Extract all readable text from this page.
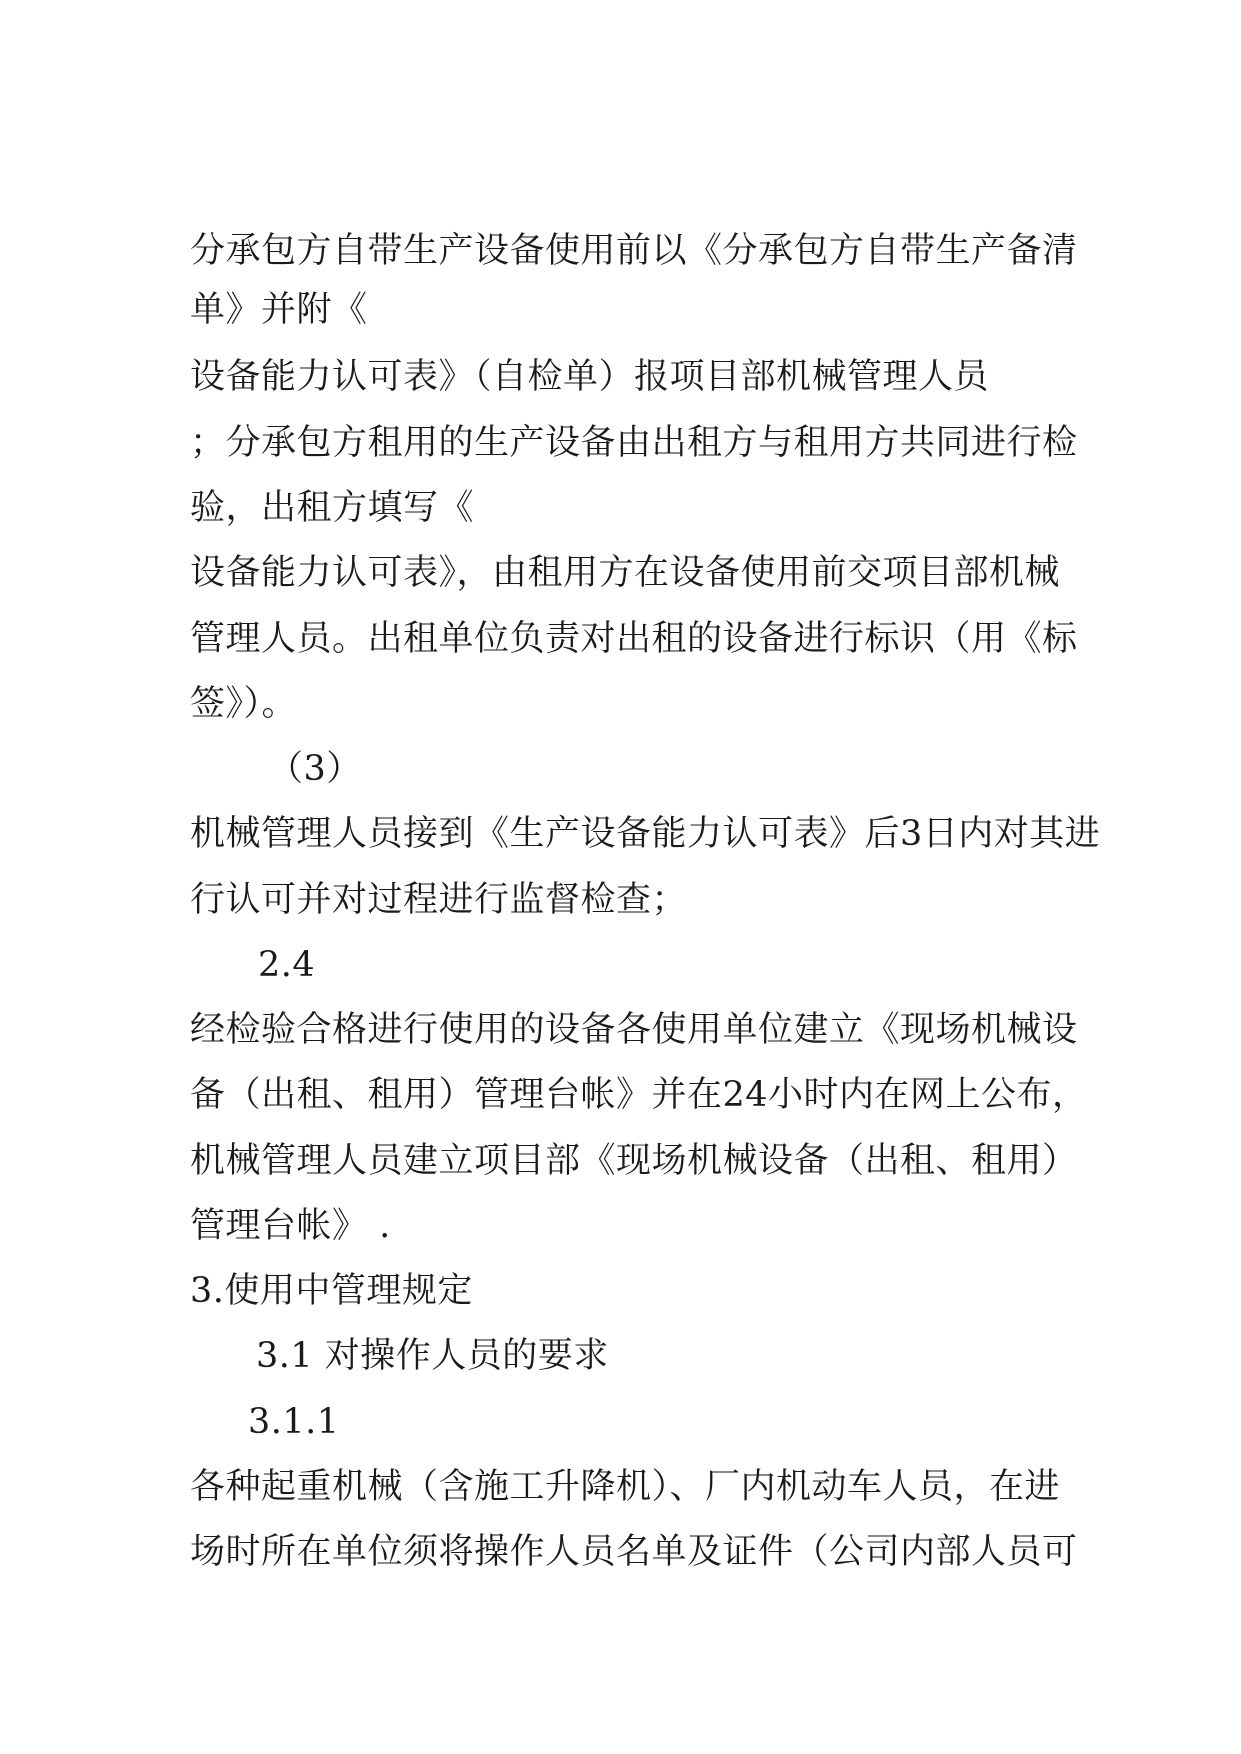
分承包方自带生产设备使用前以《分承包方自带生产备清
单》并附《
设备能力认可表》（自检单）报项目部机械管理人员
；分承包方租用的生产设备由出租方与租用方共同进行检
验，出租方填写《
设备能力认可表》，由租用方在设备使用前交项目部机械
管理人员。出租单位负责对出租的设备进行标识（用《标
签》）。
（3）
机械管理人员接到《生产设备能力认可表》后3日内对其进
行认可并对过程进行监督检查；
2.4
经检验合格进行使用的设备各使用单位建立《现场机械设
备（出租、租用）管理台帐》并在24小时内在网上公布，
机械管理人员建立项目部《现场机械设备（出租、租用）
管理台帐》 .
3.使用中管理规定
3.1 对操作人员的要求
3.1.1
各种起重机械（含施工升降机）、厂内机动车人员，在进
场时所在单位须将操作人员名单及证件（公司内部人员可
